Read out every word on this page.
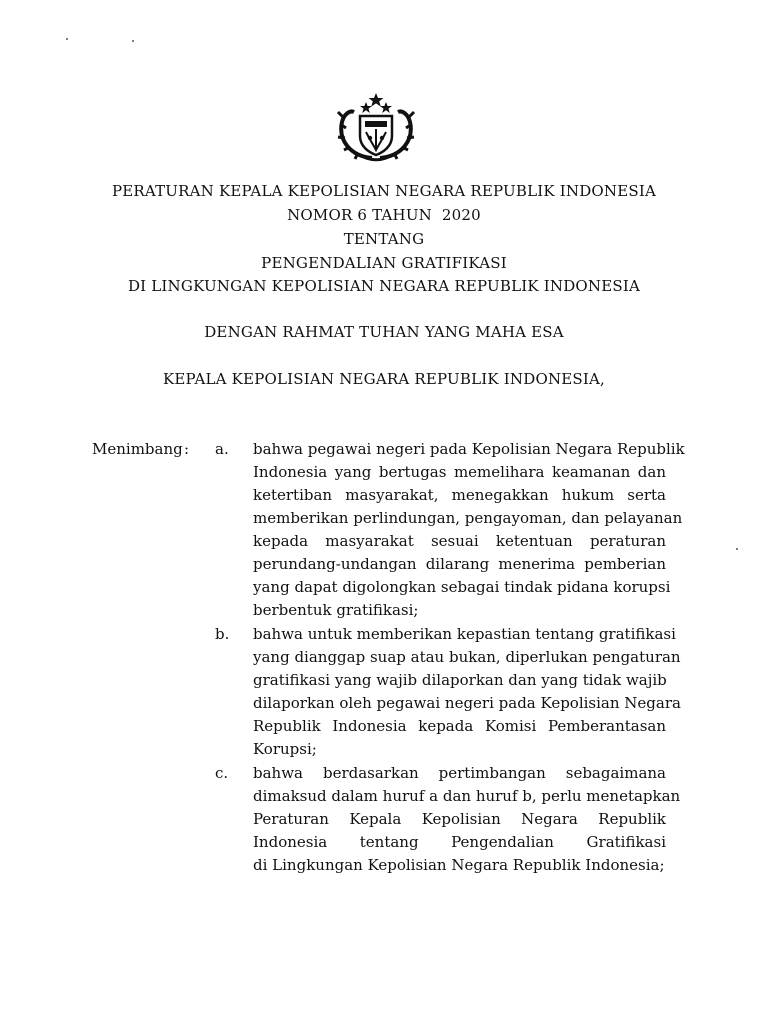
PERATURAN KEPALA KEPOLISIAN NEGARA REPUBLIK INDONESIA
NOMOR 6 TAHUN  2020
TENTANG
PENGENDALIAN GRATIFIKASI
DI LINGKUNGAN KEPOLISIAN NEGARA REPUBLIK INDONESIA
DENGAN RAHMAT TUHAN YANG MAHA ESA
KEPALA KEPOLISIAN NEGARA REPUBLIK INDONESIA,
Menimbang : a. bahwa pegawai negeri pada Kepolisian Negara Republik
Indonesia yang bertugas memelihara keamanan dan
ketertiban masyarakat, menegakkan hukum serta
memberikan perlindungan, pengayoman, dan pelayanan
kepada masyarakat sesuai ketentuan peraturan
perundang-undangan dilarang menerima pemberian
yang dapat digolongkan sebagai tindak pidana korupsi
berbentuk gratifikasi;
b. bahwa untuk memberikan kepastian tentang gratifikasi
yang dianggap suap atau bukan, diperlukan pengaturan
gratifikasi yang wajib dilaporkan dan yang tidak wajib
dilaporkan oleh pegawai negeri pada Kepolisian Negara
Republik Indonesia kepada Komisi Pemberantasan
Korupsi;
c. bahwa berdasarkan pertimbangan sebagaimana
dimaksud dalam huruf a dan huruf b, perlu menetapkan
Peraturan Kepala Kepolisian Negara Republik
Indonesia tentang Pengendalian Gratifikasi
di Lingkungan Kepolisian Negara Republik Indonesia;
